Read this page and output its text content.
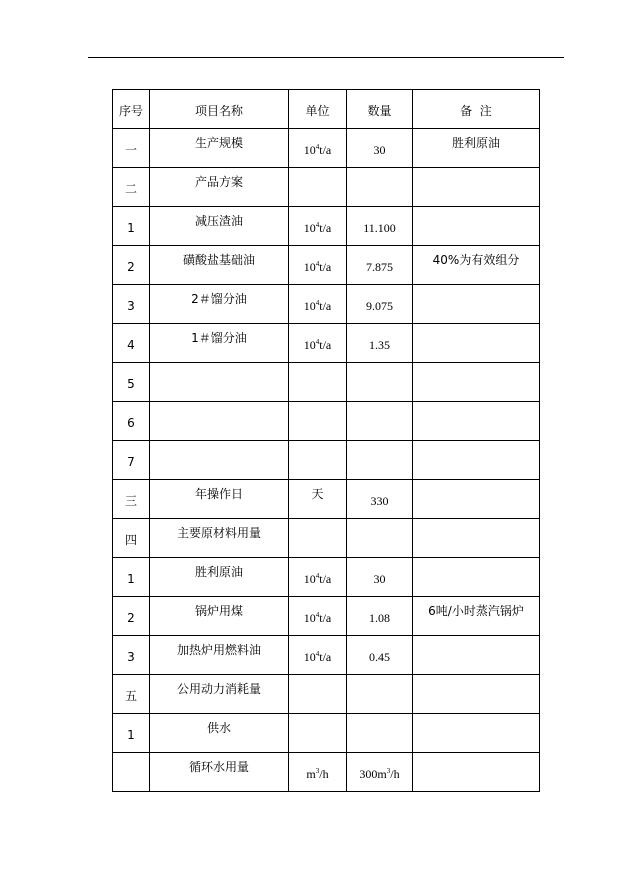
序号	项目名称	单位	数量	备  注

一	生产规模	$10^4t/a$	30	胜利原油

二	产品方案			

1	减压渣油	$10^4t/a$	11.100	

2	磺酸盐基础油	$10^4t/a$	7.875	40%为有效组分

3	2＃馏分油	$10^4t/a$	9.075	

4	1＃馏分油	$10^4t/a$	1.35	

5				

6				

7				

三	年操作日	天	330	

四	主要原材料用量			

1	胜利原油	$10^4t/a$	30	

2	锅炉用煤	$10^4t/a$	1.08	6吨/小时蒸汽锅炉

3	加热炉用燃料油	$10^4t/a$	0.45	

五	公用动力消耗量			

1	供水			

	循环水用量	$m^3/h$	$300m^3/h$	
